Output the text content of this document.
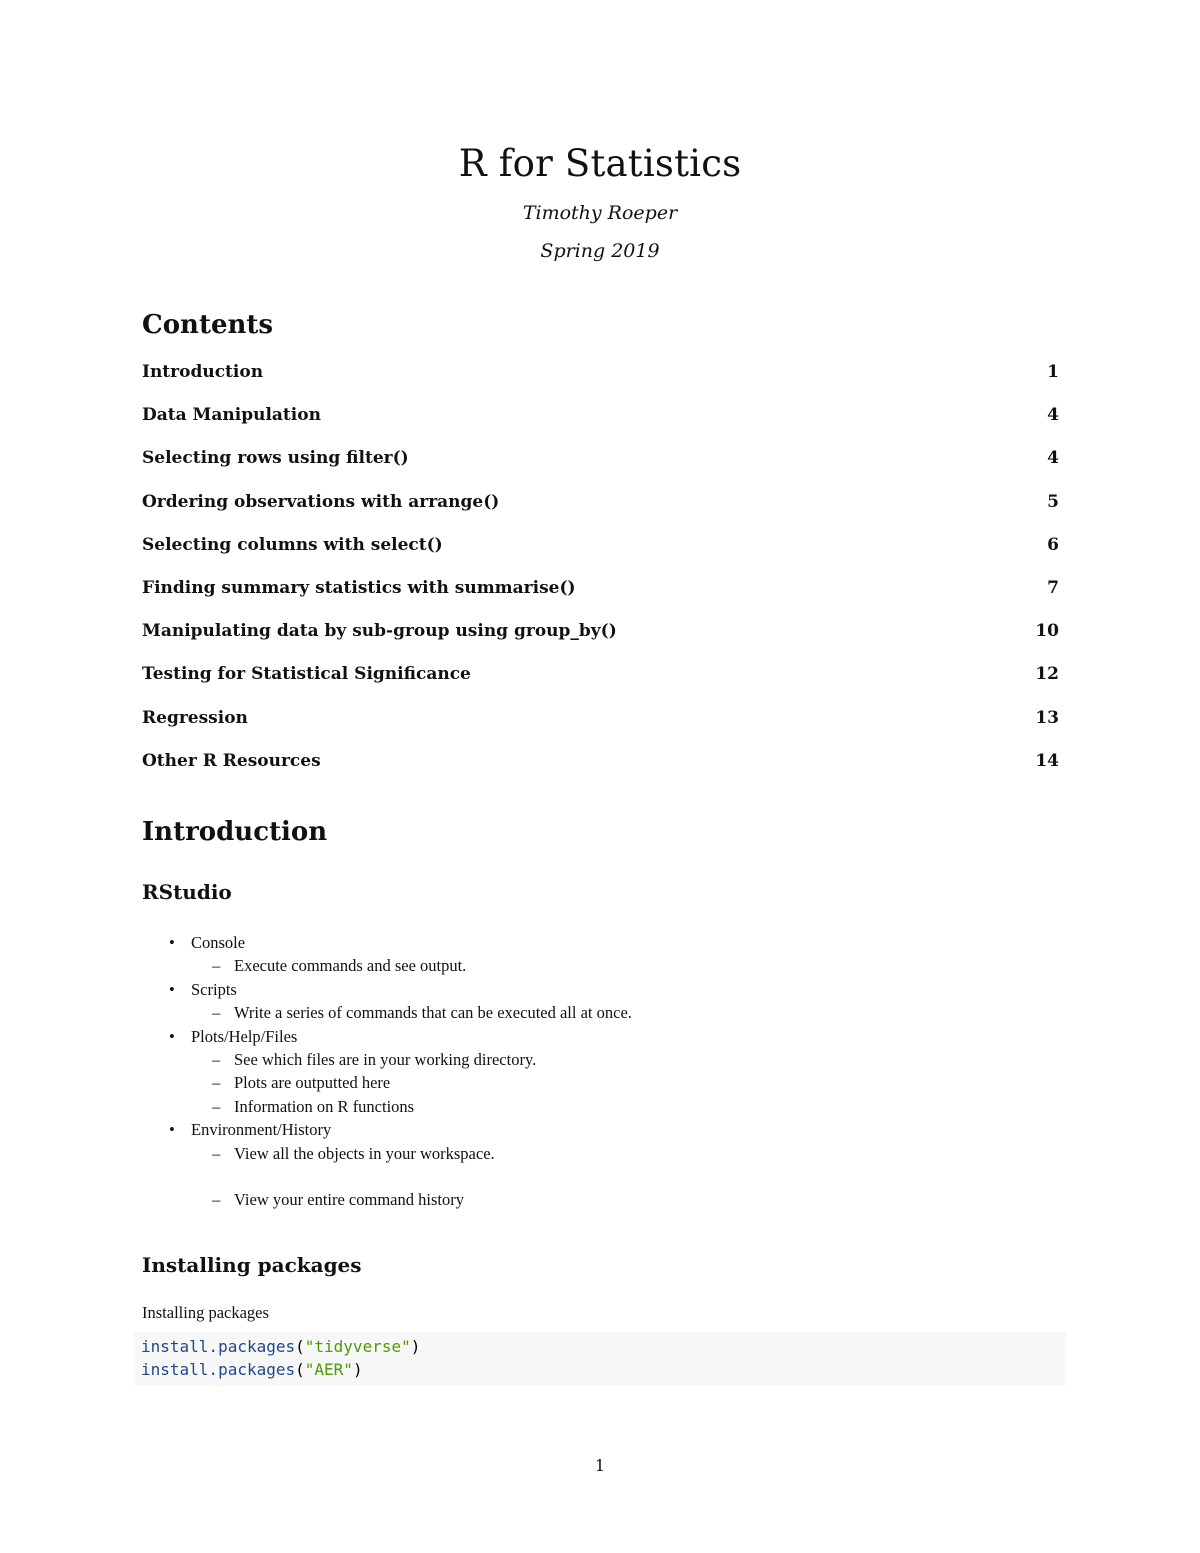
R for Statistics
Timothy Roeper
Spring 2019
Contents
Introduction	1
Data Manipulation	4
Selecting rows using filter()	4
Ordering observations with arrange()	5
Selecting columns with select()	6
Finding summary statistics with summarise()	7
Manipulating data by sub-group using group_by()	10
Testing for Statistical Significance	12
Regression	13
Other R Resources	14
Introduction
RStudio
• Console
– Execute commands and see output.
• Scripts
– Write a series of commands that can be executed all at once.
• Plots/Help/Files
– See which files are in your working directory.
– Plots are outputted here
– Information on R functions
• Environment/History
– View all the objects in your workspace.
– View your entire command history
Installing packages
Installing packages
install.packages("tidyverse")
install.packages("AER")
1
